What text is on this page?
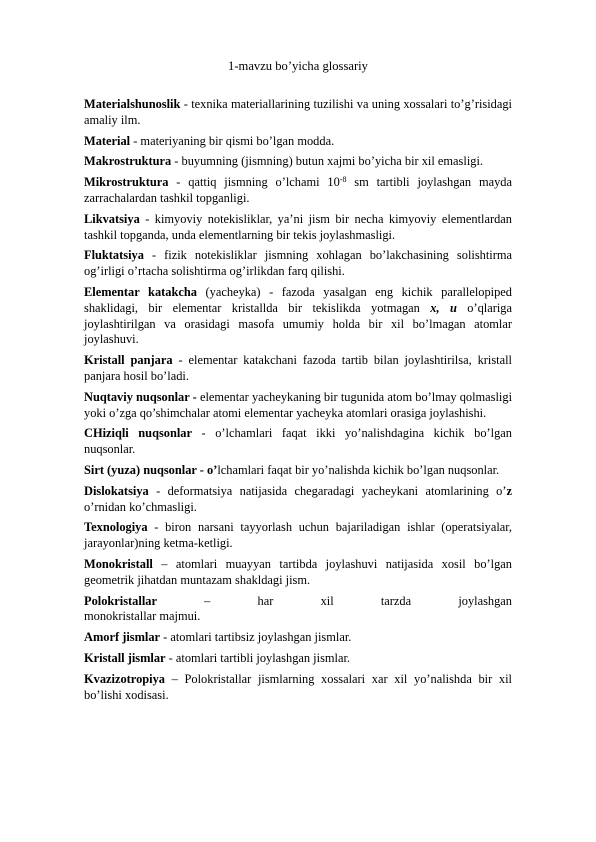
1-mavzu bo’yicha glossariy

Materialshunoslik - texnika materiallarining tuzilishi va uning xossalari to’g’risidagi amaliy ilm.

Material - materiyaning bir qismi bo’lgan modda.

Makrostruktura - buyumning (jismning) butun xajmi bo’yicha bir xil emasligi.

Mikrostruktura - qattiq jismning o’lchami $10^{-8}$ sm tartibli joylashgan mayda zarrachalardan tashkil topganligi.

Likvatsiya - kimyoviy notekisliklar, ya’ni jism bir necha kimyoviy elementlardan tashkil topganda, unda elementlarning bir tekis joylashmasligi.

Fluktatsiya - fizik notekisliklar jismning xohlagan bo’lakchasining solishtirma og’irligi o’rtacha solishtirma og’irlikdan farq qilishi.

Elementar katakcha (yacheyka) - fazoda yasalgan eng kichik parallelopiped shaklidagi, bir elementar kristallda bir tekislikda yotmagan x, u o’qlariga joylashtirilgan va orasidagi masofa umumiy holda bir xil bo’lmagan atomlar joylashuvi.

Kristall panjara - elementar katakchani fazoda tartib bilan joylashtirilsa, kristall panjara hosil bo’ladi.

Nuqtaviy nuqsonlar - elementar yacheykaning bir tugunida atom bo’lmay qolmasligi yoki o’zga qo’shimchalar atomi elementar yacheyka atomlari orasiga joylashishi.

CHiziqli nuqsonlar - o’lchamlari faqat ikki yo’nalishdagina kichik bo’lgan nuqsonlar.

Sirt (yuza) nuqsonlar - o’lchamlari faqat bir yo’nalishda kichik bo’lgan nuqsonlar.

Dislokatsiya - deformatsiya natijasida chegaradagi yacheykani atomlarining o’z o’rnidan ko’chmasligi.

Texnologiya - biron narsani tayyorlash uchun bajariladigan ishlar (operatsiyalar, jarayonlar)ning ketma-ketligi.

Monokristall – atomlari muayyan tartibda joylashuvi natijasida xosil bo’lgan geometrik jihatdan muntazam shakldagi jism.

Polokristallar – har xil tarzda joylashgan
monokristallar majmui.

Amorf jismlar - atomlari tartibsiz joylashgan jismlar.

Kristall jismlar - atomlari tartibli joylashgan jismlar.

Kvazizotropiya – Polokristallar jismlarning xossalari xar xil yo’nalishda bir xil bo’lishi xodisasi.
